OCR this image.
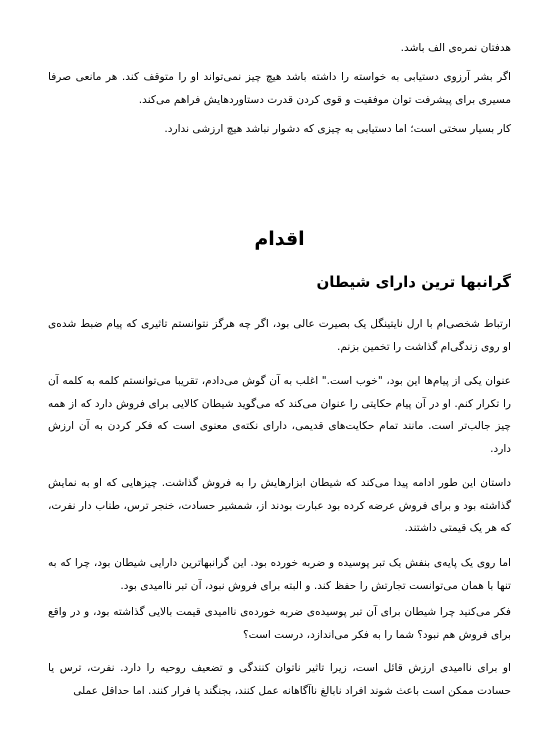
هدفتان نمره‌ی الف باشد.

اگر بشر آرزوی دستیابی به خواسته را داشته باشد هیچ چیز نمی‌تواند او را متوقف کند. هر مانعی صرفا مسیری برای پیشرفت توان موفقیت و قوی کردن قدرت دستاوردهایش فراهم می‌کند.

کار بسیار سختی است؛ اما دستیابی به چیزی که دشوار نباشد هیچ ارزشی ندارد.

اقدام
گرانبها ترین دارای شیطان

ارتباط شخصی‌ام با ارل نایتینگل یک بصیرت عالی بود، اگر چه هرگز نتوانستم تاثیری که پیام ضبط شده‌ی او روی زندگی‌ام گذاشت را تخمین بزنم.

عنوان یکی از پیام‌ها این بود، "خوب است." اغلب به آن گوش می‌دادم، تقریبا می‌توانستم کلمه به کلمه آن را تکرار کنم. او در آن پیام حکایتی را عنوان می‌کند که می‌گوید شیطان کالایی برای فروش دارد که از همه چیز جالب‌تر است. مانند تمام حکایت‌های قدیمی، دارای نکته‌ی معنوی است که فکر کردن به آن ارزش دارد.

داستان این طور ادامه پیدا می‌کند که شیطان ابزارهایش را به فروش گذاشت. چیزهایی که او به نمایش گذاشته بود و برای فروش عرضه کرده بود عبارت بودند از، شمشیر حسادت، خنجر ترس، طناب دار نفرت، که هر یک قیمتی داشتند.

اما روی یک پایه‌ی بنفش یک تبر پوسیده و ضربه خورده بود. این گرانبهاترین دارایی شیطان بود، چرا که به تنها با همان می‌توانست تجارتش را حفظ کند. و البته برای فروش نبود، آن تبر ناامیدی بود.

فکر می‌کنید چرا شیطان برای آن تبر پوسیده‌ی ضربه خورده‌ی ناامیدی قیمت بالایی گذاشته بود، و در واقع برای فروش هم نبود؟ شما را به فکر می‌اندازد، درست است؟

او برای ناامیدی ارزش قائل است، زیرا تاثیر ناتوان کنندگی و تضعیف روحیه را دارد. نفرت، ترس یا حسادت ممکن است باعث شوند افراد نابالغ ناآگاهانه عمل کنند، بجنگند یا فرار کنند. اما حداقل عملی
